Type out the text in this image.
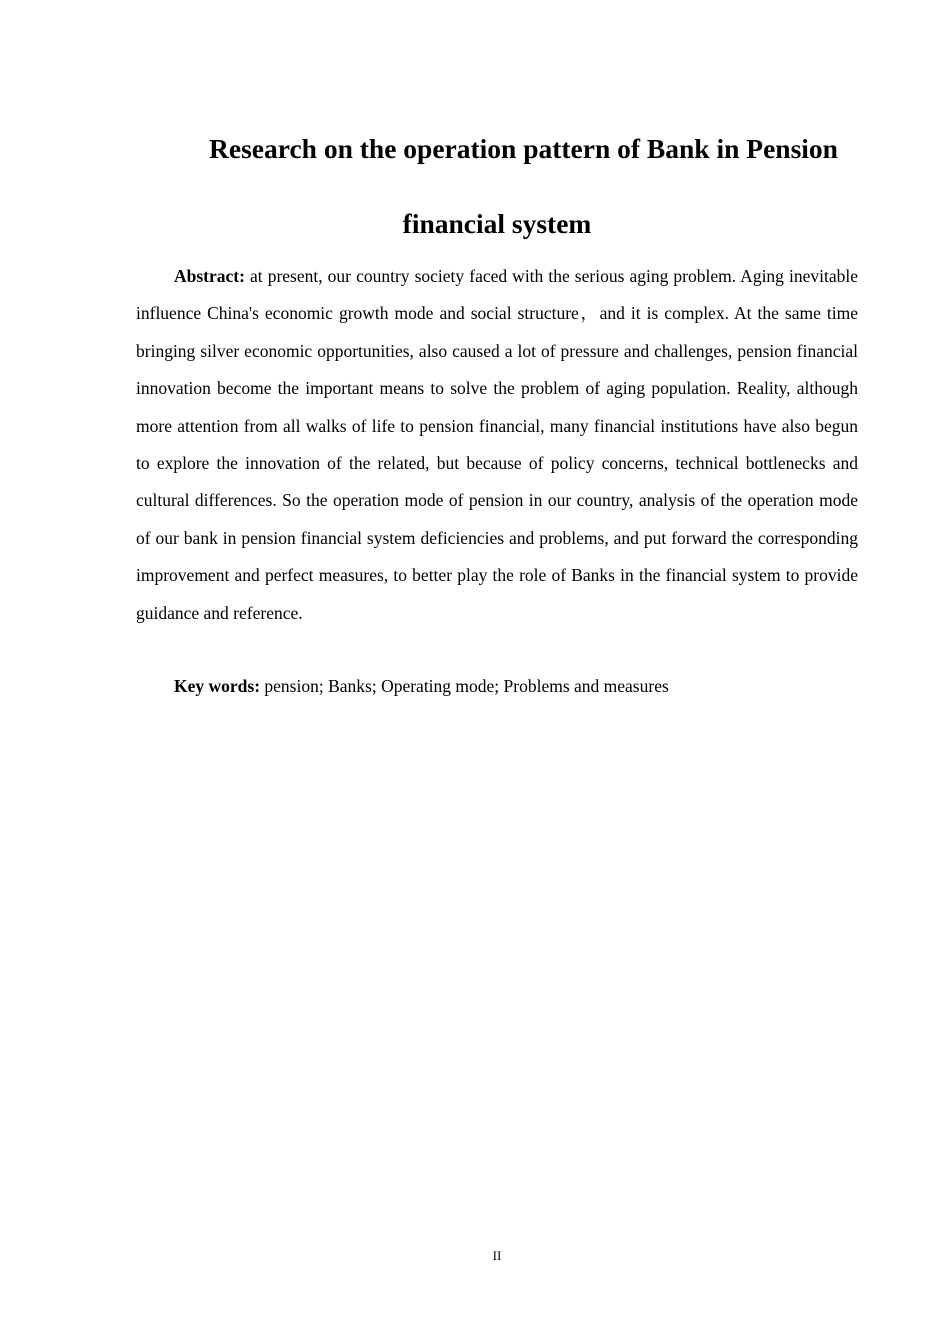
Research on the operation pattern of Bank in Pension
financial system

Abstract: at present, our country society faced with the serious aging problem. Aging inevitable influence China's economic growth mode and social structure，and it is complex. At the same time bringing silver economic opportunities, also caused a lot of pressure and challenges, pension financial innovation become the important means to solve the problem of aging population. Reality, although more attention from all walks of life to pension financial, many financial institutions have also begun to explore the innovation of the related, but because of policy concerns, technical bottlenecks and cultural differences. So the operation mode of pension in our country, analysis of the operation mode of our bank in pension financial system deficiencies and problems, and put forward the corresponding improvement and perfect measures, to better play the role of Banks in the financial system to provide guidance and reference.

Key words: pension; Banks; Operating mode; Problems and measures

II
